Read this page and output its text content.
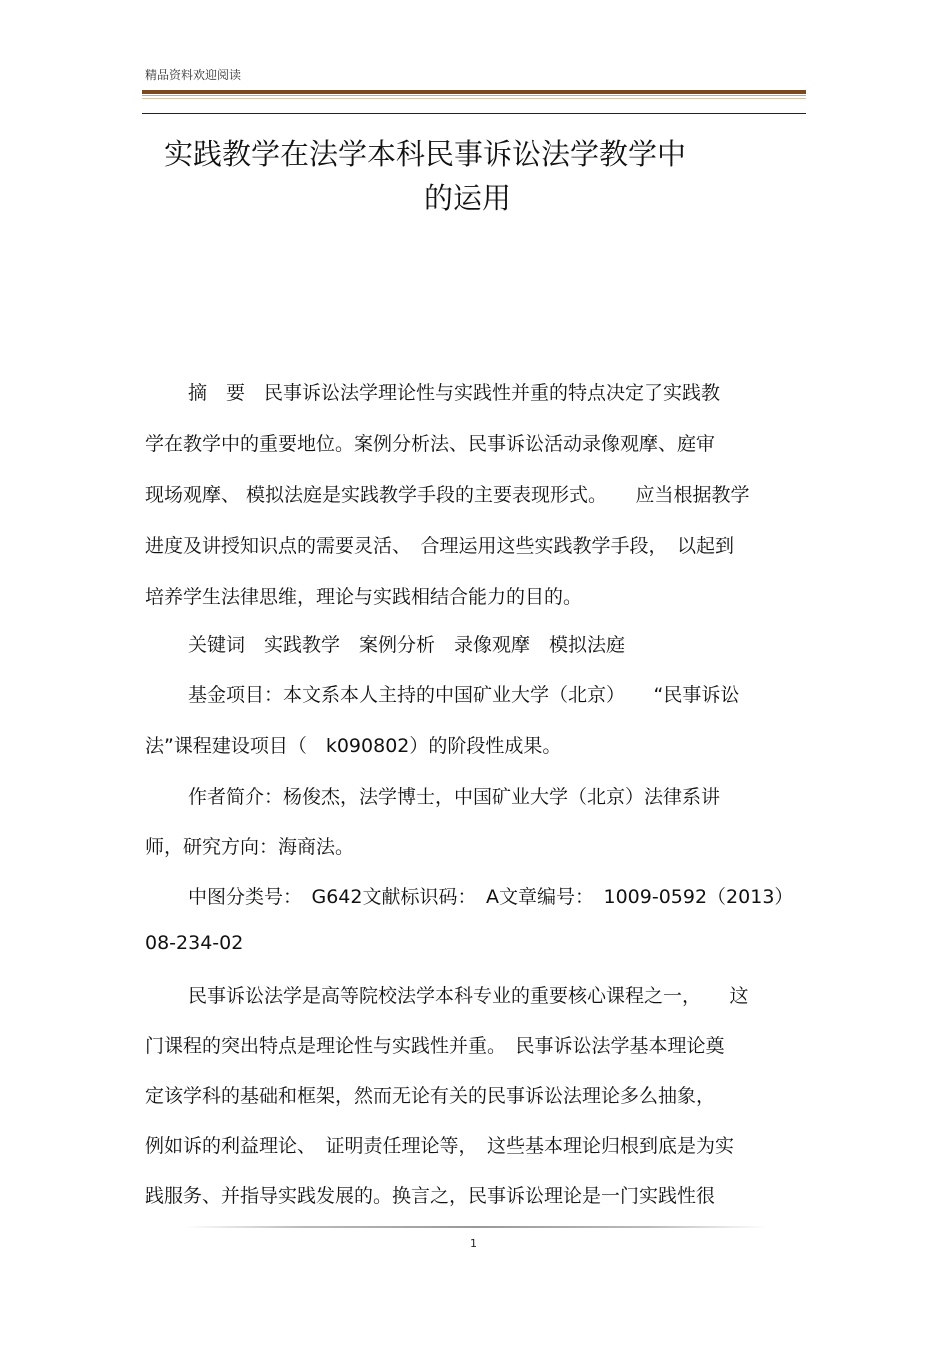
精品资料欢迎阅读
实践教学在法学本科民事诉讼法学教学中
的运用
摘　要　民事诉讼法学理论性与实践性并重的特点决定了实践教
学在教学中的重要地位。案例分析法、民事诉讼活动录像观摩、庭审
现场观摩、 模拟法庭是实践教学手段的主要表现形式。　　应当根据教学
进度及讲授知识点的需要灵活、　合理运用这些实践教学手段，　以起到
培养学生法律思维，理论与实践相结合能力的目的。
关键词　实践教学　案例分析　录像观摩　模拟法庭
基金项目：本文系本人主持的中国矿业大学（北京）　　“民事诉讼
法”课程建设项目（　k090802）的阶段性成果。
作者简介：杨俊杰，法学博士，中国矿业大学（北京）法律系讲
师，研究方向：海商法。
中图分类号：　G642文献标识码：　A文章编号：　1009-0592（2013）
08-234-02
民事诉讼法学是高等院校法学本科专业的重要核心课程之一，　　这
门课程的突出特点是理论性与实践性并重。　民事诉讼法学基本理论奠
定该学科的基础和框架，然而无论有关的民事诉讼法理论多么抽象，
例如诉的利益理论、　证明责任理论等，　这些基本理论归根到底是为实
践服务、并指导实践发展的。换言之，民事诉讼理论是一门实践性很
1
